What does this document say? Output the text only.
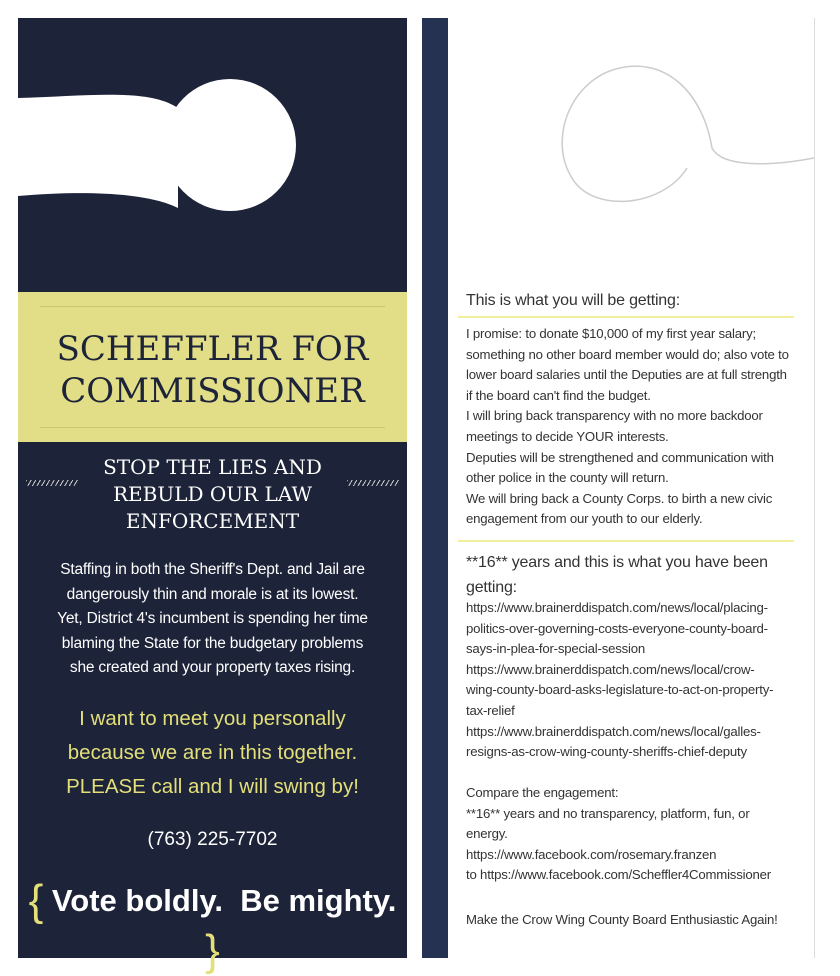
SCHEFFLER FOR
COMMISSIONER
STOP THE LIES AND
REBULD OUR LAW
ENFORCEMENT
Staffing in both the Sheriff's Dept. and Jail are
dangerously thin and morale is at its lowest.
Yet, District 4's incumbent is spending her time
blaming the State for the budgetary problems
she created and your property taxes rising.
I want to meet you personally
because we are in this together.
PLEASE call and I will swing by!
(763) 225-7702
{ Vote boldly.  Be mighty. }
This is what you will be getting:

I promise: to donate $10,000 of my first year salary;

something no other board member would do; also vote to

lower board salaries until the Deputies are at full strength

if the board can't find the budget.

I will bring back transparency with no more backdoor

meetings to decide YOUR interests.

Deputies will be strengthened and communication with

other police in the county will return.

We will bring back a County Corps. to birth a new civic

engagement from our youth to our elderly.

**16** years and this is what you have been

getting:

https://www.brainerddispatch.com/news/local/placing-

politics-over-governing-costs-everyone-county-board-

says-in-plea-for-special-session

https://www.brainerddispatch.com/news/local/crow-

wing-county-board-asks-legislature-to-act-on-property-

tax-relief

https://www.brainerddispatch.com/news/local/galles-

resigns-as-crow-wing-county-sheriffs-chief-deputy

Compare the engagement:

**16** years and no transparency, platform, fun, or

energy.

https://www.facebook.com/rosemary.franzen

to https://www.facebook.com/Scheffler4Commissioner

Make the Crow Wing County Board Enthusiastic Again!
